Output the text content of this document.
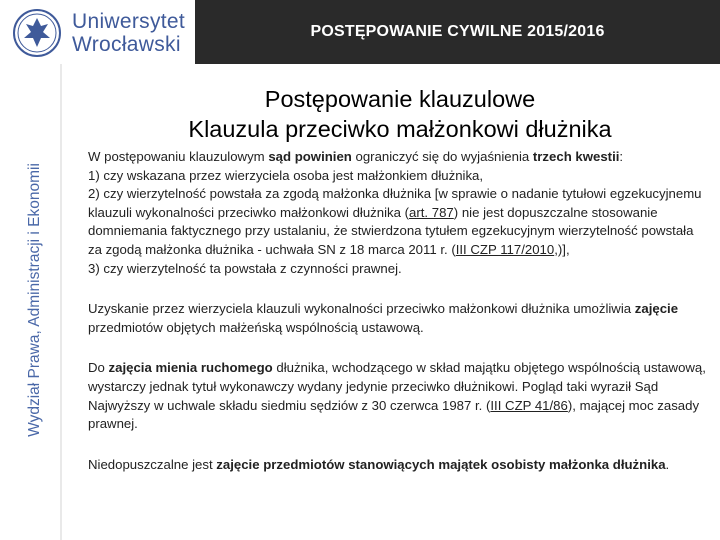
POSTĘPOWANIE CYWILNE 2015/2016
Uniwersytet
Wrocławski
Wydział Prawa, Administracji i Ekonomii
Postępowanie klauzulowe
Klauzula przeciwko małżonkowi dłużnika

W postępowaniu klauzulowym sąd powinien ograniczyć się do wyjaśnienia trzech kwestii:
1) czy wskazana przez wierzyciela osoba jest małżonkiem dłużnika,
2) czy wierzytelność powstała za zgodą małżonka dłużnika [w sprawie o nadanie tytułowi egzekucyjnemu klauzuli wykonalności przeciwko małżonkowi dłużnika (art. 787) nie jest dopuszczalne stosowanie domniemania faktycznego przy ustalaniu, że stwierdzona tytułem egzekucyjnym wierzytelność powstała za zgodą małżonka dłużnika - uchwała SN z 18 marca 2011 r. (III CZP 117/2010,)],
3) czy wierzytelność ta powstała z czynności prawnej.

Uzyskanie przez wierzyciela klauzuli wykonalności przeciwko małżonkowi dłużnika umożliwia zajęcie przedmiotów objętych małżeńską wspólnością ustawową.

Do zajęcia mienia ruchomego dłużnika, wchodzącego w skład majątku objętego wspólnością ustawową, wystarczy jednak tytuł wykonawczy wydany jedynie przeciwko dłużnikowi. Pogląd taki wyraził Sąd Najwyższy w uchwale składu siedmiu sędziów z 30 czerwca 1987 r. (III CZP 41/86), mającej moc zasady prawnej.

Niedopuszczalne jest zajęcie przedmiotów stanowiących majątek osobisty małżonka dłużnika.
